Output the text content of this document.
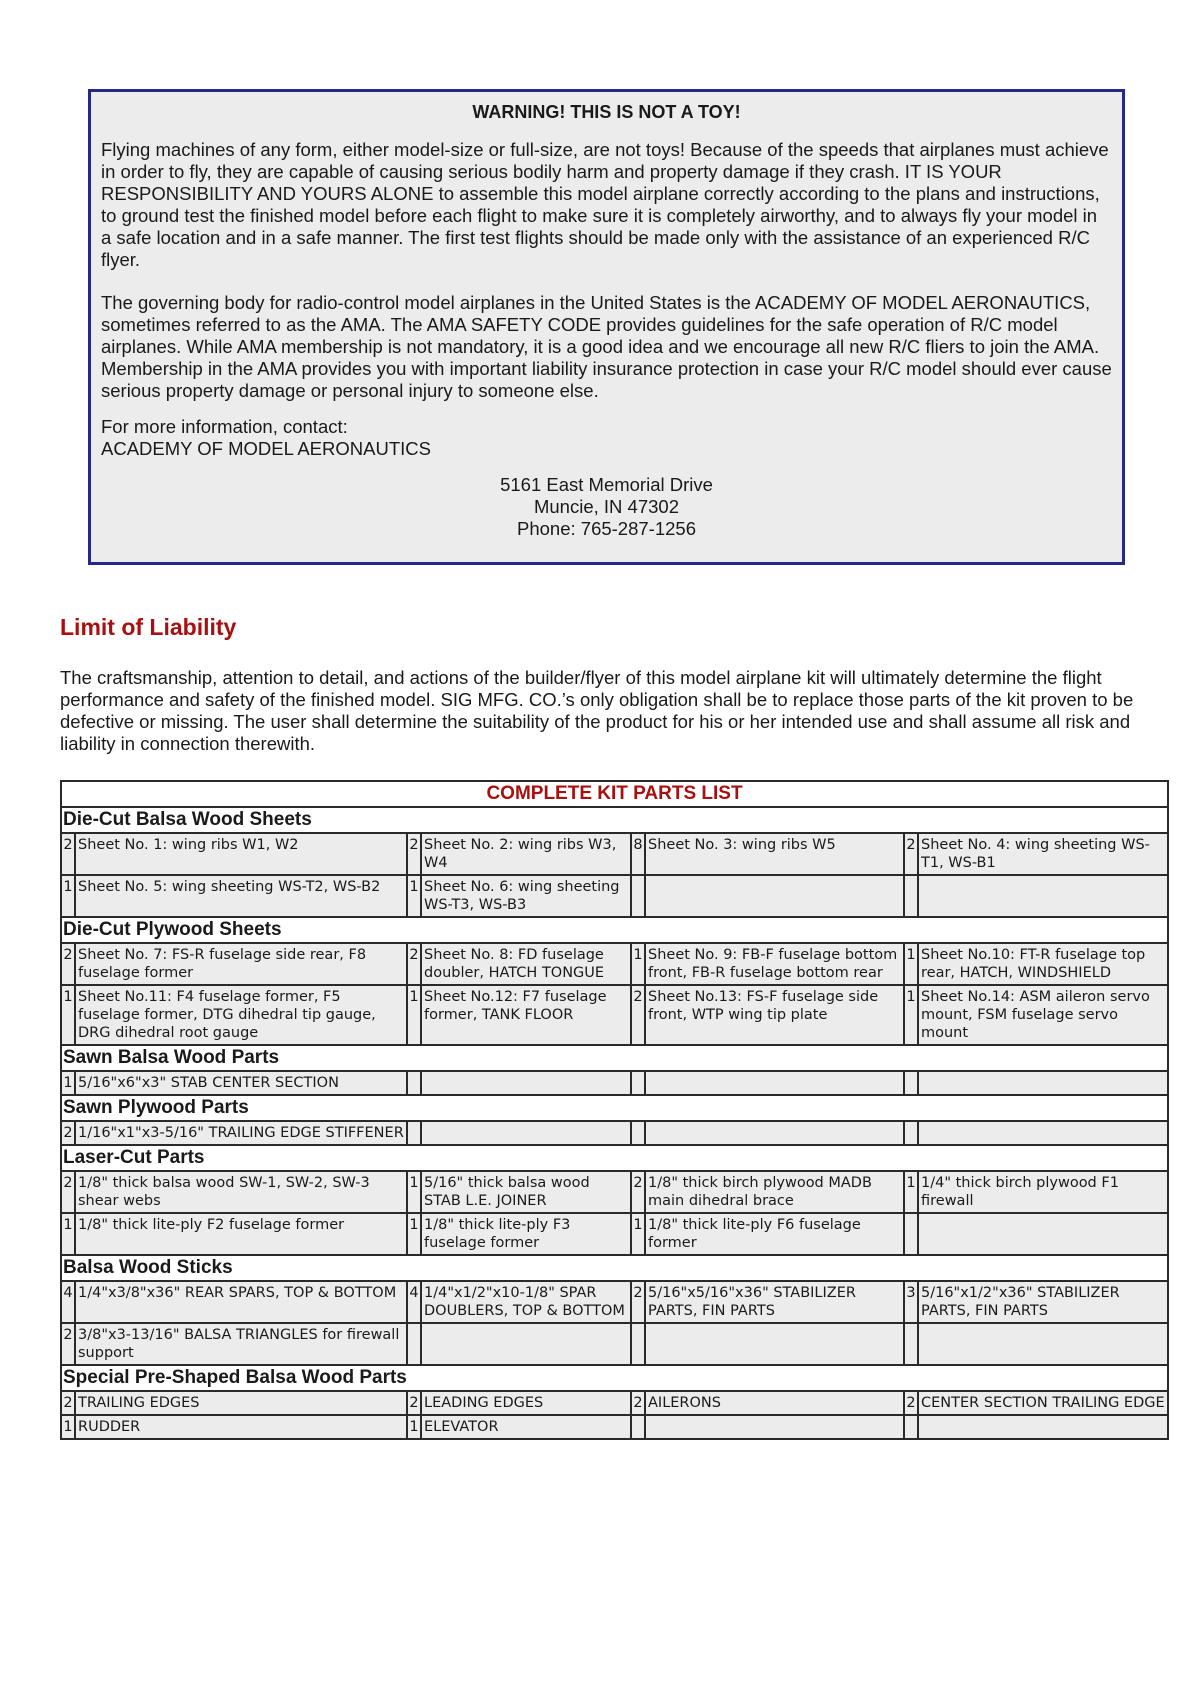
WARNING! THIS IS NOT A TOY!

Flying machines of any form, either model-size or full-size, are not toys! Because of the speeds that airplanes must achieve in order to fly, they are capable of causing serious bodily harm and property damage if they crash. IT IS YOUR RESPONSIBILITY AND YOURS ALONE to assemble this model airplane correctly according to the plans and instructions, to ground test the finished model before each flight to make sure it is completely airworthy, and to always fly your model in a safe location and in a safe manner. The first test flights should be made only with the assistance of an experienced R/C flyer.

The governing body for radio-control model airplanes in the United States is the ACADEMY OF MODEL AERONAUTICS, sometimes referred to as the AMA. The AMA SAFETY CODE provides guidelines for the safe operation of R/C model airplanes. While AMA membership is not mandatory, it is a good idea and we encourage all new R/C fliers to join the AMA. Membership in the AMA provides you with important liability insurance protection in case your R/C model should ever cause serious property damage or personal injury to someone else.

For more information, contact:
ACADEMY OF MODEL AERONAUTICS

5161 East Memorial Drive
Muncie, IN 47302
Phone: 765-287-1256
Limit of Liability

The craftsmanship, attention to detail, and actions of the builder/flyer of this model airplane kit will ultimately determine the flight performance and safety of the finished model. SIG MFG. CO.’s only obligation shall be to replace those parts of the kit proven to be defective or missing. The user shall determine the suitability of the product for his or her intended use and shall assume all risk and liability in connection therewith.

COMPLETE KIT PARTS LIST							
Die-Cut Balsa Wood Sheets							
2	Sheet No. 1: wing ribs W1, W2	2	Sheet No. 2: wing ribs W3, W4	8	Sheet No. 3: wing ribs W5	2	Sheet No. 4: wing sheeting WS-T1, WS-B1
1	Sheet No. 5: wing sheeting WS-T2, WS-B2	1	Sheet No. 6: wing sheeting WS-T3, WS-B3				
Die-Cut Plywood Sheets							
2	Sheet No. 7: FS-R fuselage side rear, F8 fuselage former	2	Sheet No. 8: FD fuselage doubler, HATCH TONGUE	1	Sheet No. 9: FB-F fuselage bottom front, FB-R fuselage bottom rear	1	Sheet No.10: FT-R fuselage top rear, HATCH, WINDSHIELD
1	Sheet No.11: F4 fuselage former, F5 fuselage former, DTG dihedral tip gauge, DRG dihedral root gauge	1	Sheet No.12: F7 fuselage former, TANK FLOOR	2	Sheet No.13: FS-F fuselage side front, WTP wing tip plate	1	Sheet No.14: ASM aileron servo mount, FSM fuselage servo mount
Sawn Balsa Wood Parts							
1	5/16"x6"x3" STAB CENTER SECTION						
Sawn Plywood Parts							
2	1/16"x1"x3-5/16" TRAILING EDGE STIFFENER						
Laser-Cut Parts							
2	1/8" thick balsa wood SW-1, SW-2, SW-3 shear webs	1	5/16" thick balsa wood STAB L.E. JOINER	2	1/8" thick birch plywood MADB main dihedral brace	1	1/4" thick birch plywood F1 firewall
1	1/8" thick lite-ply F2 fuselage former	1	1/8" thick lite-ply F3 fuselage former	1	1/8" thick lite-ply F6 fuselage former		
Balsa Wood Sticks							
4	1/4"x3/8"x36" REAR SPARS, TOP & BOTTOM	4	1/4"x1/2"x10-1/8" SPAR DOUBLERS, TOP & BOTTOM	2	5/16"x5/16"x36" STABILIZER PARTS, FIN PARTS	3	5/16"x1/2"x36" STABILIZER PARTS, FIN PARTS
2	3/8"x3-13/16" BALSA TRIANGLES for firewall support						
Special Pre-Shaped Balsa Wood Parts							
2	TRAILING EDGES	2	LEADING EDGES	2	AILERONS	2	CENTER SECTION TRAILING EDGE
1	RUDDER	1	ELEVATOR				
